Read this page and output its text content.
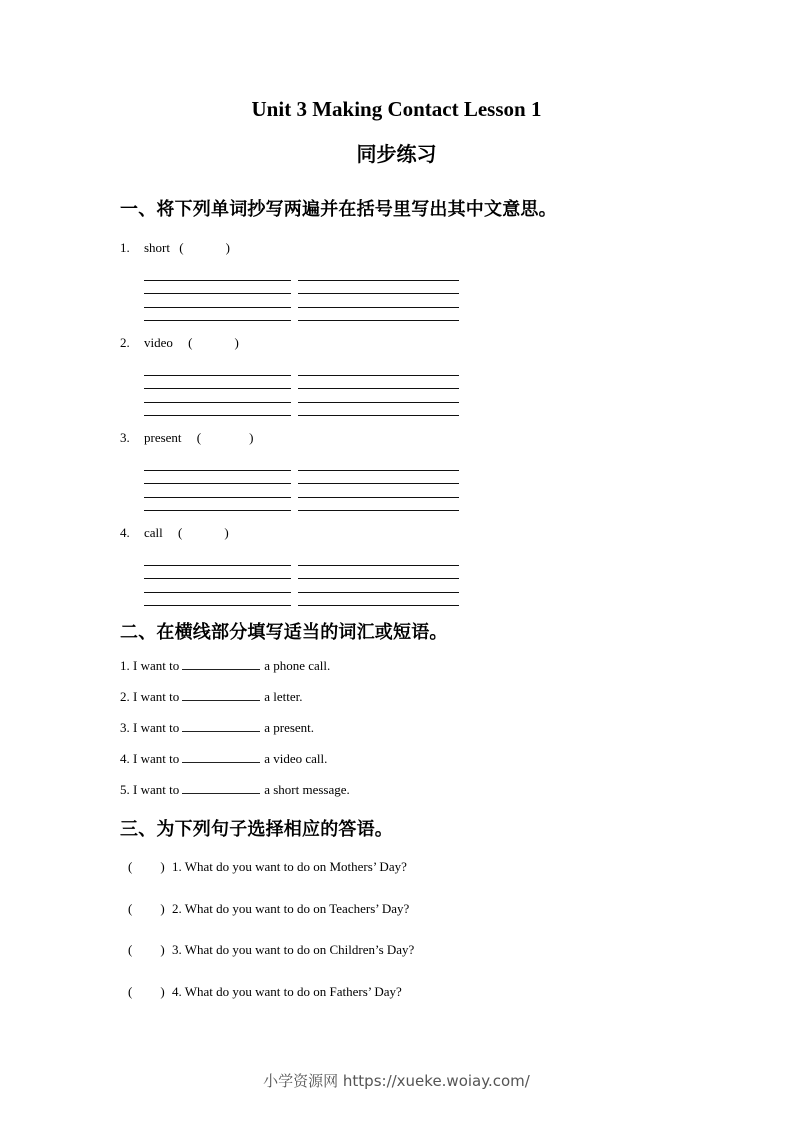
Unit 3 Making Contact Lesson 1
同步练习
一、将下列单词抄写两遍并在括号里写出其中文意思。
1. short (	)
2. video (	)
3. present (	)
4. call (	)
二、在横线部分填写适当的词汇或短语。
1. I want to	a phone call.
2. I want to	a letter.
3. I want to	a present.
4. I want to	a video call.
5. I want to	a short message.
三、为下列句子选择相应的答语。
( ) 1. What do you want to do on Mothers’ Day?
( ) 2. What do you want to do on Teachers’ Day?
( ) 3. What do you want to do on Children’s Day?
( ) 4. What do you want to do on Fathers’ Day?
小学资源网 https://xueke.woiay.com/
